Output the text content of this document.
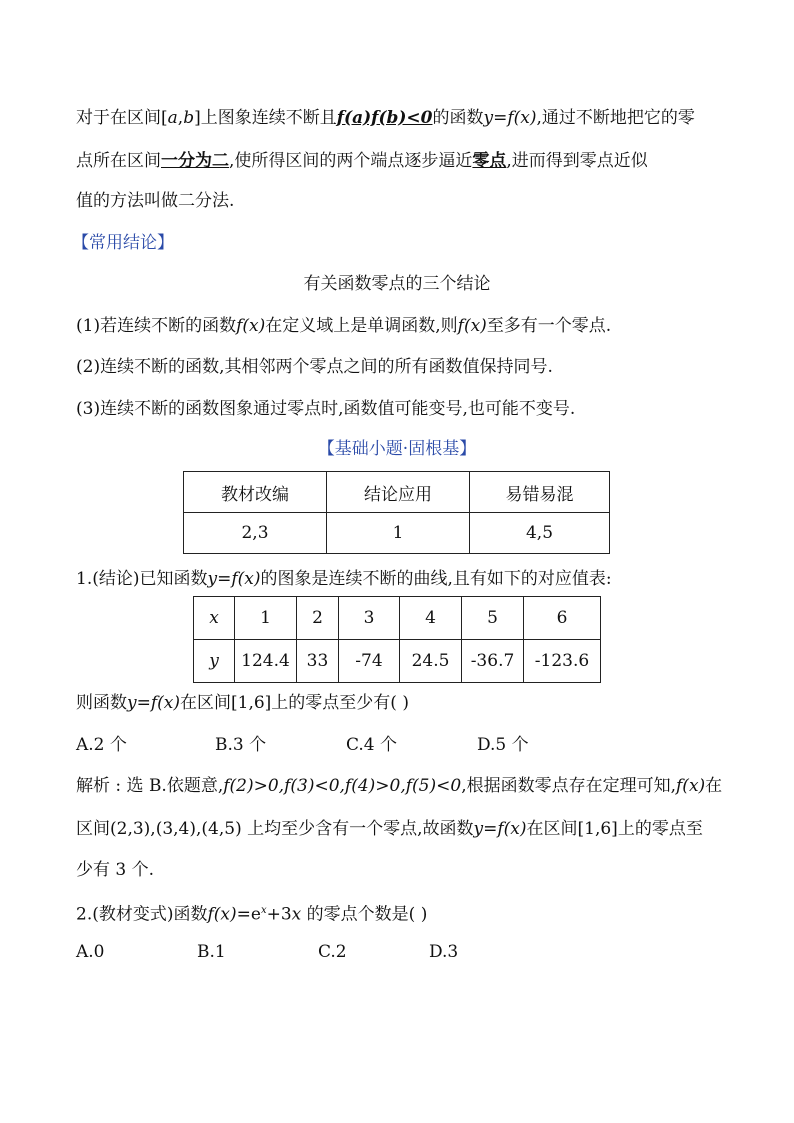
对于在区间[a,b]上图象连续不断且f(a)f(b)<0的函数y=f(x),通过不断地把它的零
点所在区间一分为二,使所得区间的两个端点逐步逼近零点,进而得到零点近似
值的方法叫做二分法.
【常用结论】
有关函数零点的三个结论
(1)若连续不断的函数f(x)在定义域上是单调函数,则f(x)至多有一个零点.
(2)连续不断的函数,其相邻两个零点之间的所有函数值保持同号.
(3)连续不断的函数图象通过零点时,函数值可能变号,也可能不变号.
【基础小题·固根基】
教材改编	结论应用	易错易混
2,3	1	4,5
1.(结论)已知函数y=f(x)的图象是连续不断的曲线,且有如下的对应值表:
x	1	2	3	4	5	6
y	124.4	33	-74	24.5	-36.7	-123.6
则函数y=f(x)在区间[1,6]上的零点至少有( )
A.2 个	B.3 个	C.4 个	D.5 个
解析 : 选 B.依题意,f(2)>0,f(3)<0,f(4)>0,f(5)<0,根据函数零点存在定理可知,f(x)在
区间(2,3),(3,4),(4,5) 上均至少含有一个零点,故函数y=f(x)在区间[1,6]上的零点至
少有 3 个.
2.(教材变式)函数$f(x)=e^x+3x$ 的零点个数是( )
A.0	B.1	C.2	D.3
